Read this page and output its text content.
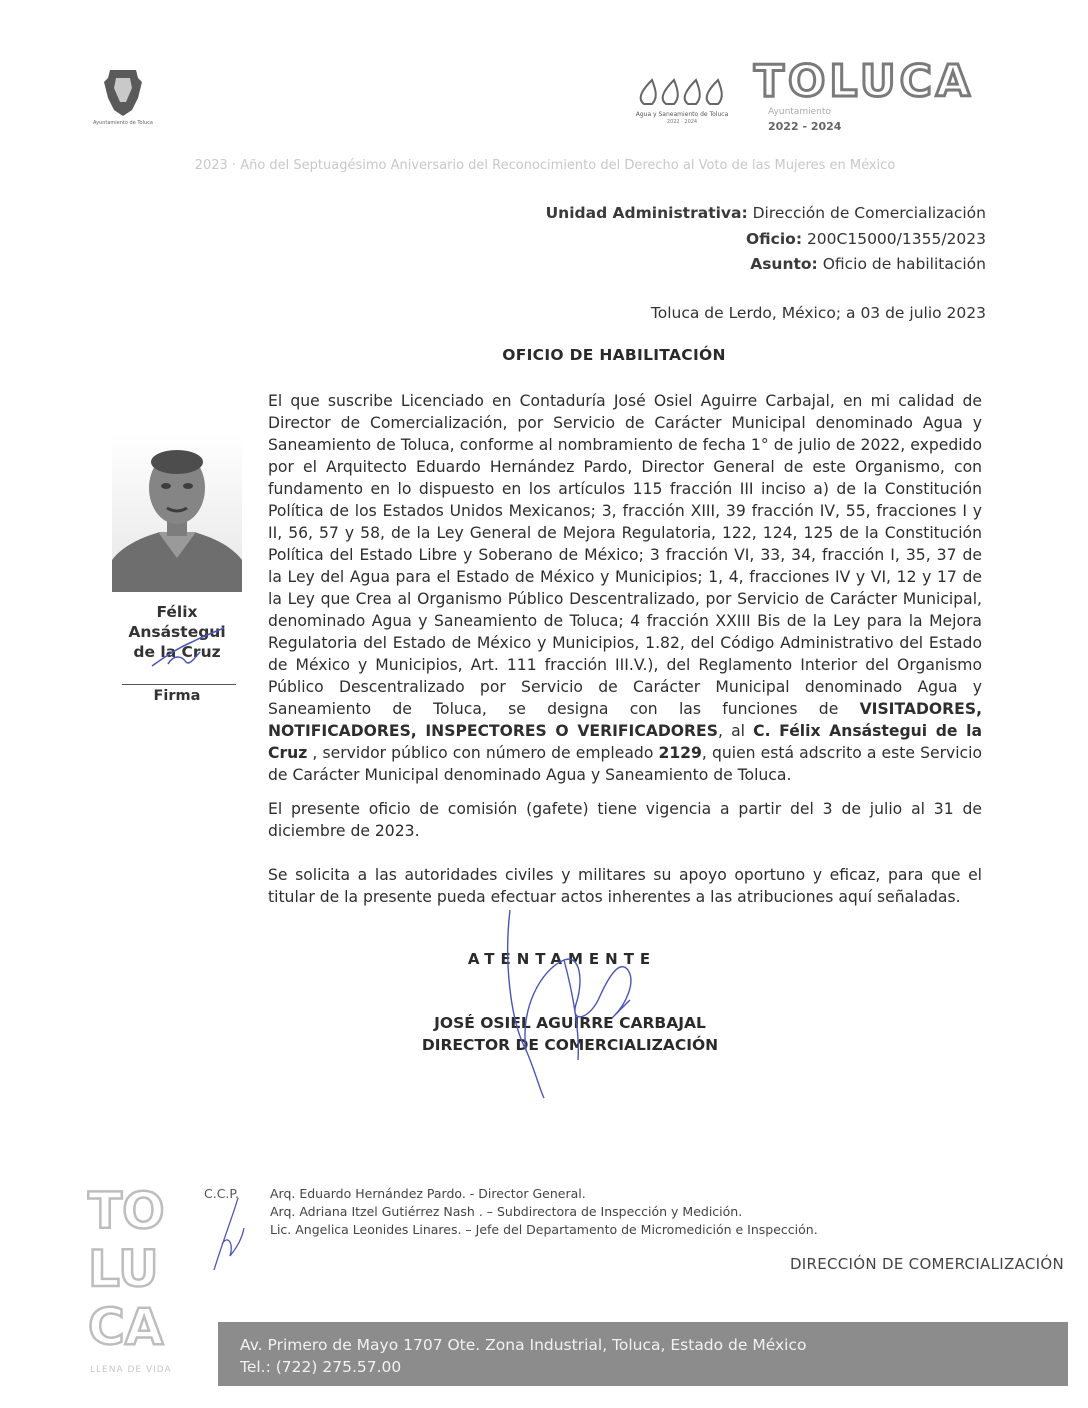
Ayuntamiento de Toluca
Agua y Saneamiento de Toluca
2022 · 2024
TOLUCA
Ayuntamiento
2022 - 2024
2023 · Año del Septuagésimo Aniversario del Reconocimiento del Derecho al Voto de las Mujeres en México
Unidad Administrativa: Dirección de Comercialización
Oficio: 200C15000/1355/2023
Asunto: Oficio de habilitación
Toluca de Lerdo, México; a 03 de julio 2023
OFICIO DE HABILITACIÓN
Félix
Ansástegui
de la Cruz
Firma
El que suscribe Licenciado en Contaduría José Osiel Aguirre Carbajal, en mi calidad de Director de Comercialización, por Servicio de Carácter Municipal denominado Agua y Saneamiento de Toluca, conforme al nombramiento de fecha 1° de julio de 2022, expedido por el Arquitecto Eduardo Hernández Pardo, Director General de este Organismo, con fundamento en lo dispuesto en los artículos 115 fracción III inciso a) de la Constitución Política de los Estados Unidos Mexicanos; 3, fracción XIII, 39 fracción IV, 55, fracciones I y II, 56, 57 y 58, de la Ley General de Mejora Regulatoria, 122, 124, 125 de la Constitución Política del Estado Libre y Soberano de México; 3 fracción VI, 33, 34, fracción I, 35, 37 de la Ley del Agua para el Estado de México y Municipios; 1, 4, fracciones IV y VI, 12 y 17 de la Ley que Crea al Organismo Público Descentralizado, por Servicio de Carácter Municipal, denominado Agua y Saneamiento de Toluca; 4 fracción XXIII Bis de la Ley para la Mejora Regulatoria del Estado de México y Municipios, 1.82, del Código Administrativo del Estado de México y Municipios, Art. 111 fracción III.V.), del Reglamento Interior del Organismo Público Descentralizado por Servicio de Carácter Municipal denominado Agua y Saneamiento de Toluca, se designa con las funciones de VISITADORES, NOTIFICADORES, INSPECTORES O VERIFICADORES, al C. Félix Ansástegui de la Cruz , servidor público con número de empleado 2129, quien está adscrito a este Servicio de Carácter Municipal denominado Agua y Saneamiento de Toluca.
El presente oficio de comisión (gafete) tiene vigencia a partir del 3 de julio al 31 de diciembre de 2023.
Se solicita a las autoridades civiles y militares su apoyo oportuno y eficaz, para que el titular de la presente pueda efectuar actos inherentes a las atribuciones aquí señaladas.
ATENTAMENTE
JOSÉ OSIEL AGUIRRE CARBAJAL
DIRECTOR DE COMERCIALIZACIÓN
C.C.P. Arq. Eduardo Hernández Pardo. - Director General.
Arq. Adriana Itzel Gutiérrez Nash . – Subdirectora de Inspección y Medición.
Lic. Angelica Leonides Linares. – Jefe del Departamento de Micromedición e Inspección.
DIRECCIÓN DE COMERCIALIZACIÓN
TO
LU
CA
LLENA DE VIDA
Av. Primero de Mayo 1707 Ote. Zona Industrial, Toluca, Estado de México
Tel.: (722) 275.57.00
